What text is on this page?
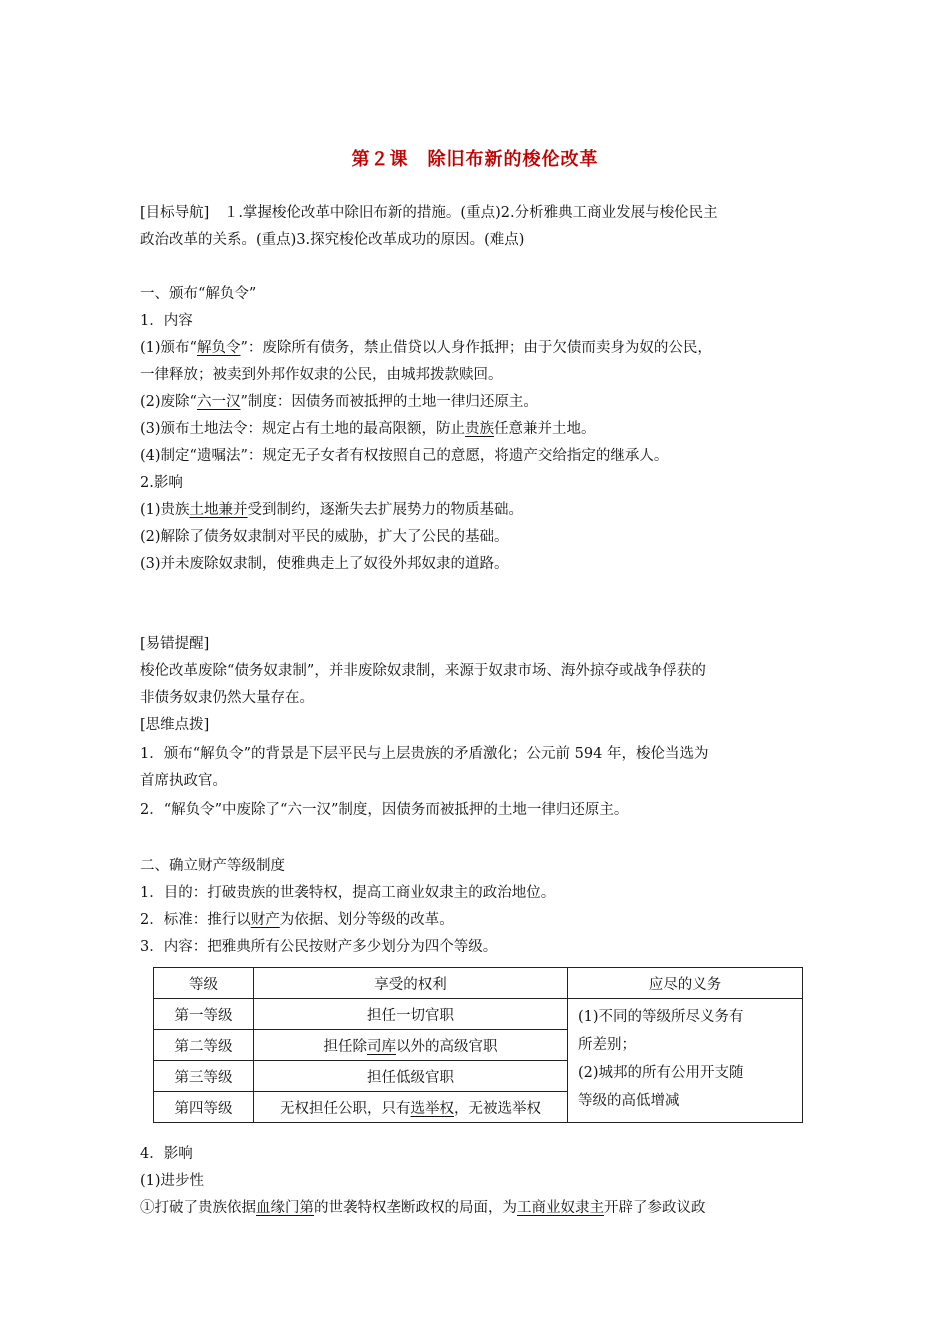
第２课　除旧布新的梭伦改革
[目标导航]　 １.掌握梭伦改革中除旧布新的措施。(重点)2.分析雅典工商业发展与梭伦民主
政治改革的关系。(重点)3.探究梭伦改革成功的原因。(难点)
一、颁布“解负令”
1．内容
(1)颁布“解负令”：废除所有债务，禁止借贷以人身作抵押；由于欠债而卖身为奴的公民，
一律释放；被卖到外邦作奴隶的公民，由城邦拨款赎回。
(2)废除“六一汉”制度：因债务而被抵押的土地一律归还原主。
(3)颁布土地法令：规定占有土地的最高限额，防止贵族任意兼并土地。
(4)制定“遗嘱法”：规定无子女者有权按照自己的意愿，将遗产交给指定的继承人。
2.影响
(1)贵族土地兼并受到制约，逐渐失去扩展势力的物质基础。
(2)解除了债务奴隶制对平民的威胁，扩大了公民的基础。
(3)并未废除奴隶制，使雅典走上了奴役外邦奴隶的道路。
[易错提醒]
梭伦改革废除“债务奴隶制”，并非废除奴隶制，来源于奴隶市场、海外掠夺或战争俘获的
非债务奴隶仍然大量存在。
[思维点拨]
1．颁布“解负令”的背景是下层平民与上层贵族的矛盾激化；公元前 594 年，梭伦当选为
首席执政官。
2．“解负令”中废除了“六一汉”制度，因债务而被抵押的土地一律归还原主。
二、确立财产等级制度
1．目的：打破贵族的世袭特权，提高工商业奴隶主的政治地位。
2．标准：推行以财产为依据、划分等级的改革。
3．内容：把雅典所有公民按财产多少划分为四个等级。
等级	享受的权利	应尽的义务
第一等级	担任一切官职	(1)不同的等级所尽义务有
所差别；
(2)城邦的所有公用开支随
等级的高低增减

第二等级	担任除司库以外的高级官职	
第三等级	担任低级官职	
第四等级	无权担任公职，只有选举权，无被选举权	
4．影响
(1)进步性
①打破了贵族依据血缘门第的世袭特权垄断政权的局面，为工商业奴隶主开辟了参政议政
